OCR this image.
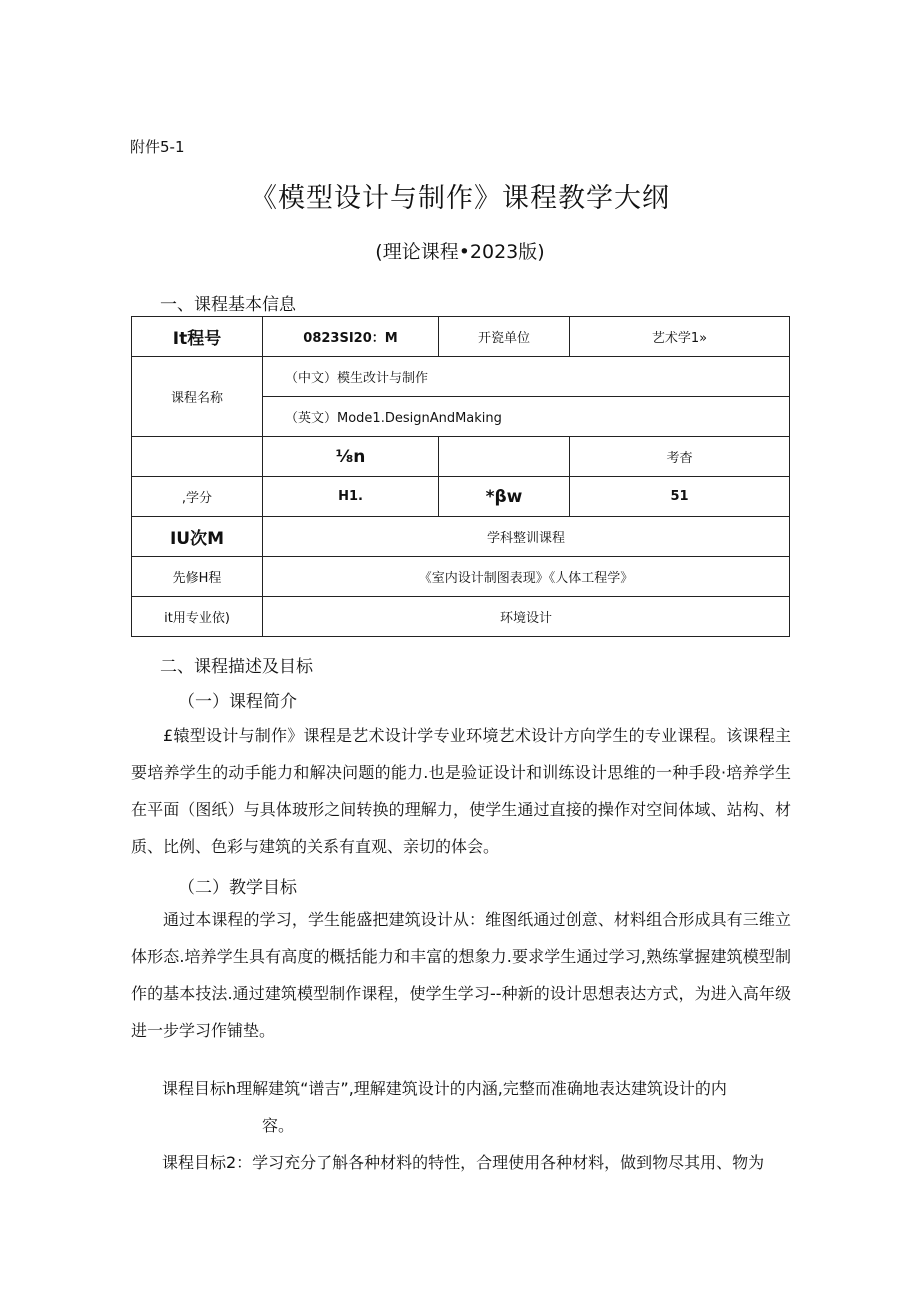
附件5-1
《模型设计与制作》课程教学大纲
(理论课程•2023版)
一、课程基本信息
It程号	0823SI20：M	开瓷单位	艺术学1»
课程名称	（中文）模生改计与制作		
	（英文）Mode1.DesignAndMaking		
	⅛n		考杳
,学分	H1.	*βw	51
IU次M	学科整训课程		
先修H程	《室内设计制图表现》《人体工程学》		
it用专业依)	环境设计		
二、课程描述及目标
（一）课程简介

£辕型设计与制作》课程是艺术设计学专业环境艺术设计方向学生的专业课程。该课程主要培养学生的动手能力和解决问题的能力.也是验证设计和训练设计思维的一种手段·培养学生在平面（图纸）与具体玻形之间转换的理解力，使学生通过直接的操作对空间体域、站构、材质、比例、色彩与建筑的关系有直观、亲切的体会。

（二）教学目标

通过本课程的学习，学生能盛把建筑设计从：维图纸通过创意、材料组合形成具有三维立体形态.培养学生具有高度的概括能力和丰富的想象力.要求学生通过学习,熟练掌握建筑模型制作的基本技法.通过建筑模型制作课程，使学生学习--种新的设计思想表达方式，为进入高年级进一步学习作铺垫。

课程目标h理解建筑“谱吉”,理解建筑设计的内涵,完整而准确地表达建筑设计的内
容。
课程目标2：学习充分了斛各种材料的特性，合理使用各种材料，做到物尽其用、物为
